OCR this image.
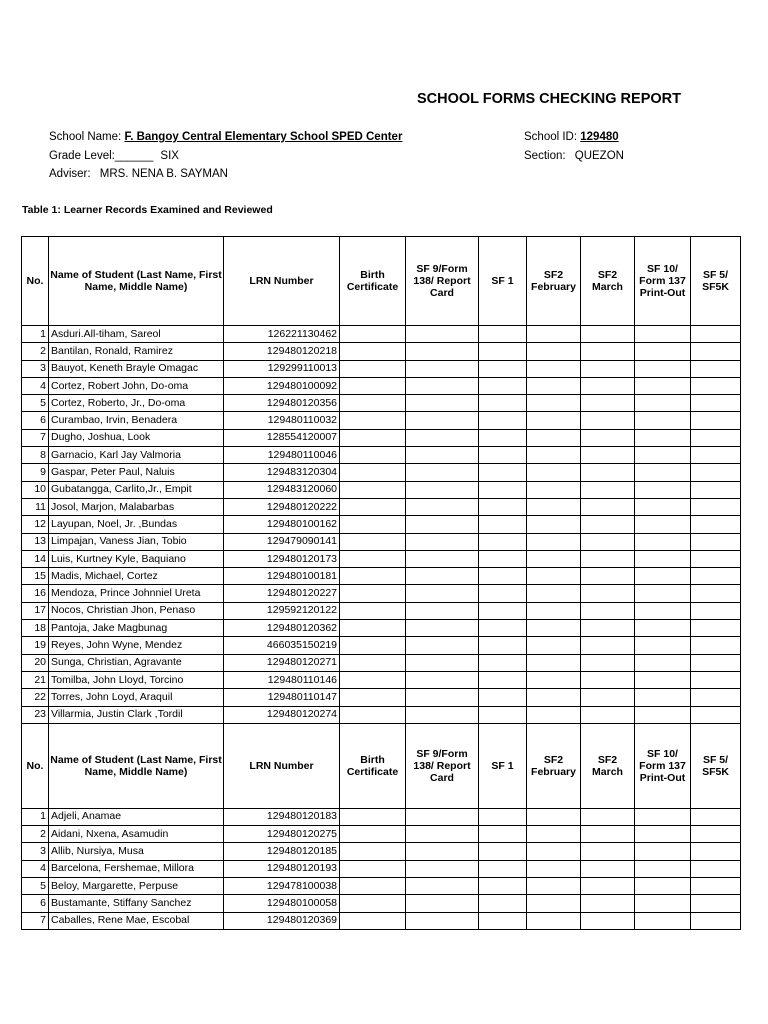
SCHOOL FORMS CHECKING REPORT
School Name: F. Bangoy Central Elementary School SPED Center	School ID: 129480
Grade Level:______ SIX	Section: QUEZON
Adviser: MRS. NENA B. SAYMAN
Table 1: Learner Records Examined and Reviewed
No.	Name of Student (Last Name, First Name, Middle Name)	LRN Number	Birth Certificate	SF 9/Form 138/ Report Card	SF 1	SF2 February	SF2 March	SF 10/ Form 137 Print-Out	SF 5/ SF5K
1	Asduri.All-tiham, Sareol	126221130462							
2	Bantilan, Ronald, Ramirez	129480120218							
3	Bauyot, Keneth Brayle Omagac	129299110013							
4	Cortez, Robert John, Do-oma	129480100092							
5	Cortez, Roberto, Jr., Do-oma	129480120356							
6	Curambao, Irvin, Benadera	129480110032							
7	Dugho, Joshua, Look	128554120007							
8	Garnacio, Karl Jay Valmoria	129480110046							
9	Gaspar, Peter Paul, Naluis	129483120304							
10	Gubatangga, Carlito,Jr., Empit	129483120060							
11	Josol, Marjon, Malabarbas	129480120222							
12	Layupan, Noel, Jr. ,Bundas	129480100162							
13	Limpajan, Vaness Jian, Tobio	129479090141							
14	Luis, Kurtney Kyle, Baquiano	129480120173							
15	Madis, Michael, Cortez	129480100181							
16	Mendoza, Prince Johnniel Ureta	129480120227							
17	Nocos, Christian Jhon, Penaso	129592120122							
18	Pantoja, Jake Magbunag	129480120362							
19	Reyes, John Wyne, Mendez	466035150219							
20	Sunga, Christian, Agravante	129480120271							
21	Tomilba, John Lloyd, Torcino	129480110146							
22	Torres, John Loyd, Araquil	129480110147							
23	Villarmia, Justin Clark ,Tordil	129480120274							
No.	Name of Student (Last Name, First Name, Middle Name)	LRN Number	Birth Certificate	SF 9/Form 138/ Report Card	SF 1	SF2 February	SF2 March	SF 10/ Form 137 Print-Out	SF 5/ SF5K
1	Adjeli, Anamae	129480120183							
2	Aidani, Nxena, Asamudin	129480120275							
3	Allib, Nursiya, Musa	129480120185							
4	Barcelona, Fershemae, Millora	129480120193							
5	Beloy, Margarette, Perpuse	129478100038							
6	Bustamante, Stiffany Sanchez	129480100058							
7	Caballes, Rene Mae, Escobal	129480120369							
